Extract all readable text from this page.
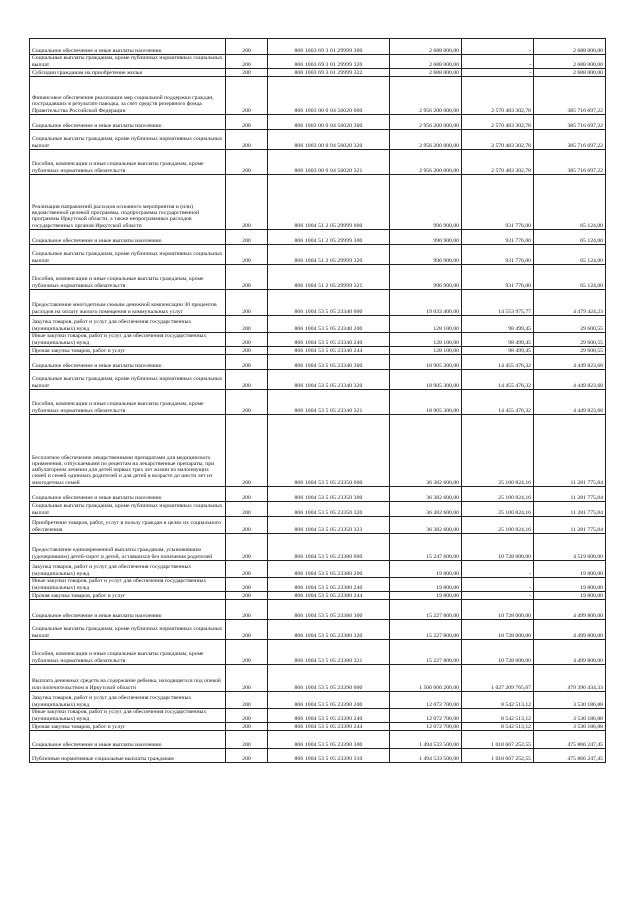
Социальное обеспечение и иные выплаты населению	200	806 1003 69 3 01 29999 300	2 688 000,00	-	2 688 000,00
Социальные выплаты гражданам, кроме публичных нормативных социальных выплат	200	806 1003 69 3 01 29999 320	2 688 000,00	-	2 688 000,00
Субсидии гражданам на приобретение жилья	200	806 1003 69 3 01 29999 322	2 688 000,00	-	2 688 000,00
Финансовое обеспечение реализации мер социальной поддержки граждан, пострадавших в результате паводка, за счет средств резервного фонда Правительства Российской Федерации	200	806 1003 00 0 04 56020 000	2 956 200 000,00	2 570 483 302,78	385 716 697,22
Социальное обеспечение и иные выплаты населению	200	806 1003 00 0 04 56020 300	2 956 200 000,00	2 570 483 302,78	385 716 697,22
Социальные выплаты гражданам, кроме публичных нормативных социальных выплат	200	806 1003 00 0 04 56020 320	2 956 200 000,00	2 570 483 302,78	385 716 697,22
Пособия, компенсации и иные социальные выплаты гражданам, кроме публичных нормативных обязательств	200	806 1003 00 0 04 56020 321	2 956 200 000,00	2 570 483 302,78	385 716 697,22
Реализация направлений расходов основного мероприятия и (или) ведомственной целевой программы, подпрограммы государственной программы Иркутской области, а также непрограммных расходов государственных органов Иркутской области	200	806 1004 51 2 05 29999 000	996 900,00	931 776,00	65 124,00
Социальное обеспечение и иные выплаты населению	200	806 1004 51 2 05 29999 300	996 900,00	931 776,00	65 124,00
Социальные выплаты гражданам, кроме публичных нормативных социальных выплат	200	806 1004 51 2 05 29999 320	996 900,00	931 776,00	65 124,00
Пособия, компенсации и иные социальные выплаты гражданам, кроме публичных нормативных обязательств	200	806 1004 51 2 05 29999 321	996 900,00	931 776,00	65 124,00
Предоставление многодетным семьям денежной компенсации 30 процентов расходов на оплату жилого помещения и коммунальных услуг	200	806 1004 53 5 05 23340 000	19 033 400,00	14 553 975,77	4 479 424,23
Закупка товаров, работ и услуг для обеспечения государственных (муниципальных) нужд	200	806 1004 53 5 05 23340 200	128 100,00	98 499,45	29 600,55
Иные закупки товаров, работ и услуг для обеспечения государственных (муниципальных) нужд	200	806 1004 53 5 05 23340 240	128 100,00	98 499,45	29 600,55
Прочая закупка товаров, работ и услуг	200	806 1004 53 5 05 23340 244	128 100,00	98 499,45	29 600,55
Социальное обеспечение и иные выплаты населению	200	806 1004 53 5 05 23340 300	18 905 300,00	14 455 476,32	4 449 823,68
Социальные выплаты гражданам, кроме публичных нормативных социальных выплат	200	806 1004 53 5 05 23340 320	18 905 300,00	14 455 476,32	4 449 823,68
Пособия, компенсации и иные социальные выплаты гражданам, кроме публичных нормативных обязательств	200	806 1004 53 5 05 23340 321	18 905 300,00	14 455 476,32	4 449 823,68
Бесплатное обеспечение лекарственными препаратами для медицинского применения, отпускаемыми по рецептам на лекарственные препараты, при амбулаторном лечении для детей первых трех лет жизни из малоимущих семей и семей одиноких родителей и для детей в возрасте до шести лет из многодетных семей	200	806 1004 53 5 05 23350 000	36 382 600,00	25 100 824,16	11 281 775,84
Социальное обеспечение и иные выплаты населению	200	806 1004 53 5 05 23350 300	36 382 600,00	25 100 824,16	11 281 775,84
Социальные выплаты гражданам, кроме публичных нормативных социальных выплат	200	806 1004 53 5 05 23350 320	36 382 600,00	25 100 824,16	11 281 775,84
Приобретение товаров, работ, услуг в пользу граждан в целях их социального обеспечения	200	806 1004 53 5 05 23350 323	36 382 600,00	25 100 824,16	11 281 775,84
Предоставление единовременной выплаты гражданам, усыновившим (удочерившим) детей-сирот и детей, оставшихся без попечения родителей	200	806 1004 53 5 05 23380 000	15 247 600,00	10 728 000,00	4 519 600,00
Закупка товаров, работ и услуг для обеспечения государственных (муниципальных) нужд	200	806 1004 53 5 05 23380 200	19 800,00	-	19 800,00
Иные закупки товаров, работ и услуг для обеспечения государственных (муниципальных) нужд	200	806 1004 53 5 05 23380 240	19 800,00	-	19 800,00
Прочая закупка товаров, работ и услуг	200	806 1004 53 5 05 23380 244	19 800,00	-	19 800,00
Социальное обеспечение и иные выплаты населению	200	806 1004 53 5 05 23380 300	15 227 800,00	10 728 000,00	4 499 800,00
Социальные выплаты гражданам, кроме публичных нормативных социальных выплат	200	806 1004 53 5 05 23380 320	15 227 800,00	10 728 000,00	4 499 800,00
Пособия, компенсации и иные социальные выплаты гражданам, кроме публичных нормативных обязательств	200	806 1004 53 5 05 23380 321	15 227 800,00	10 728 000,00	4 499 800,00
Выплата денежных средств на содержание ребенка, находящегося под опекой или попечительством в Иркутской области	200	806 1004 53 5 05 23390 000	1 506 606 200,00	1 027 209 765,67	479 396 434,33
Закупка товаров, работ и услуг для обеспечения государственных (муниципальных) нужд	200	806 1004 53 5 05 23390 200	12 072 700,00	8 542 513,12	3 530 186,88
Иные закупки товаров, работ и услуг для обеспечения государственных (муниципальных) нужд	200	806 1004 53 5 05 23390 240	12 072 700,00	8 542 513,12	3 530 186,88
Прочая закупка товаров, работ и услуг	200	806 1004 53 5 05 23390 244	12 072 700,00	8 542 513,12	3 530 186,88
Социальное обеспечение и иные выплаты населению	200	806 1004 53 5 05 23390 300	1 494 533 500,00	1 018 667 252,55	475 866 247,45
Публичные нормативные социальные выплаты гражданам	200	806 1004 53 5 05 23390 310	1 494 533 500,00	1 018 667 252,55	475 866 247,45
